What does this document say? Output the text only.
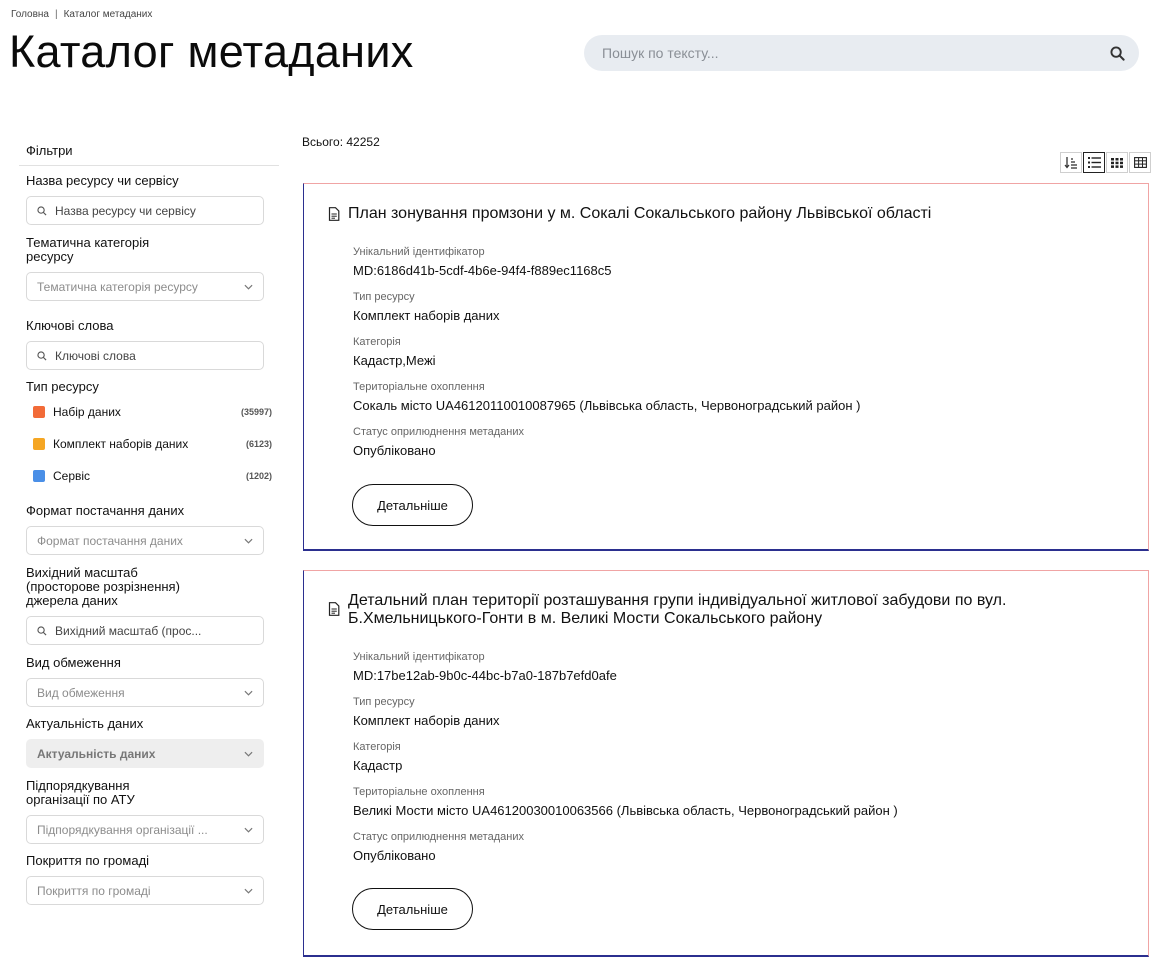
Головна | Каталог метаданих
Каталог метаданих
Пошук по тексту...
Фільтри
Назва ресурсу чи сервісу
Назва ресурсу чи сервісу
Тематична категорія ресурсу
Тематична категорія ресурсу
Ключові слова
Ключові слова
Тип ресурсу
Набір даних	(35997)
Комплект наборів даних	(6123)
Сервіс	(1202)
Формат постачання даних
Формат постачання даних
Вихідний масштаб (просторове розрізнення) джерела даних
Вихідний масштаб (прос...
Вид обмеження
Вид обмеження
Актуальність даних
Актуальність даних
Підпорядкування організації по АТУ
Підпорядкування організації ...
Покриття по громаді
Покриття по громаді
Всього: 42252
План зонування промзони у м. Сокалі Сокальського району Львівської області
Унікальний ідентифікатор
MD:6186d41b-5cdf-4b6e-94f4-f889ec1168c5
Тип ресурсу
Комплект наборів даних
Категорія
Кадастр,Межі
Територіальне охоплення
Сокаль місто UA46120110010087965 (Львівська область, Червоноградський район )
Статус оприлюднення метаданих
Опубліковано
Детальніше
Детальний план території розташування групи індивідуальної житлової забудови по вул. Б.Хмельницького-Гонти в м. Великі Мости Сокальського району
Унікальний ідентифікатор
MD:17be12ab-9b0c-44bc-b7a0-187b7efd0afe
Тип ресурсу
Комплект наборів даних
Категорія
Кадастр
Територіальне охоплення
Великі Мости місто UA46120030010063566 (Львівська область, Червоноградський район )
Статус оприлюднення метаданих
Опубліковано
Детальніше
